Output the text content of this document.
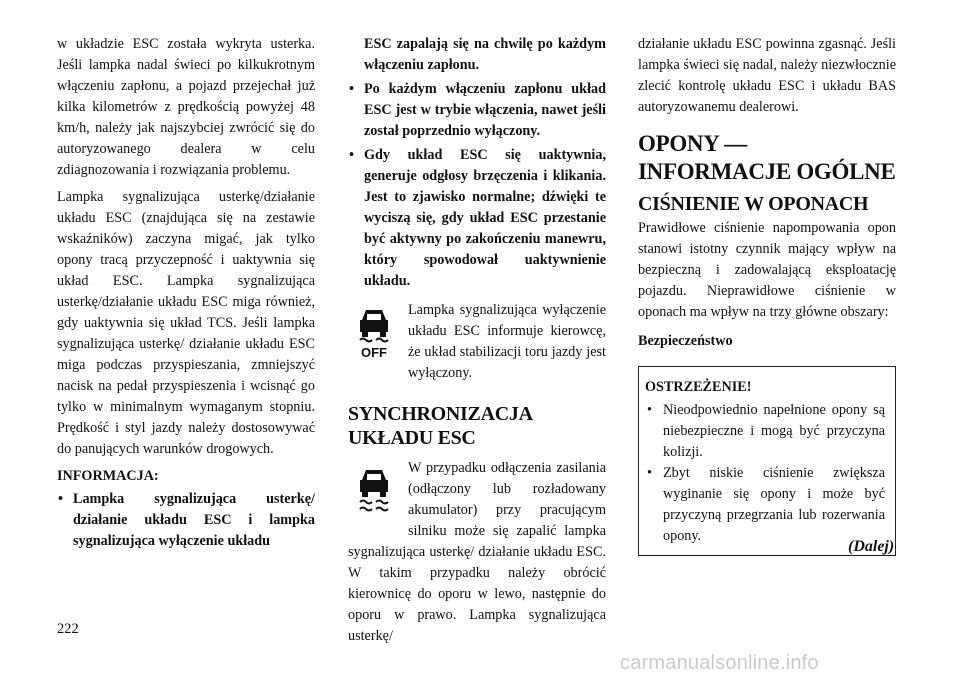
w układzie ESC została wykryta usterka. Jeśli lampka nadal świeci po kilkukrotnym włączeniu zapłonu, a pojazd przejechał już kilka kilometrów z prędkością powyżej 48 km/h, należy jak najszybciej zwrócić się do autoryzowanego dealera w celu zdiagnozowania i rozwiązania problemu.

Lampka sygnalizująca usterkę/działanie układu ESC (znajdująca się na zestawie wskaźników) zaczyna migać, jak tylko opony tracą przyczepność i uaktywnia się układ ESC. Lampka sygnalizująca usterkę/działanie układu ESC miga również, gdy uaktywnia się układ TCS. Jeśli lampka sygnalizująca usterkę/ działanie układu ESC miga podczas przyspieszania, zmniejszyć nacisk na pedał przyspieszenia i wcisnąć go tylko w minimalnym wymaganym stopniu. Prędkość i styl jazdy należy dostosowywać do panujących warunków drogowych.

INFORMACJA:
• Lampka sygnalizująca usterkę/ działanie układu ESC i lampka sygnalizująca wyłączenie układu
ESC zapalają się na chwilę po każdym włączeniu zapłonu.
• Po każdym włączeniu zapłonu układ ESC jest w trybie włączenia, nawet jeśli został poprzednio wyłączony.
• Gdy układ ESC się uaktywnia, generuje odgłosy brzęczenia i klikania. Jest to zjawisko normalne; dźwięki te wyciszą się, gdy układ ESC przestanie być aktywny po zakończeniu manewru, który spowodował uaktywnienie układu.
OFF

Lampka sygnalizująca wyłączenie układu ESC informuje kierowcę, że układ stabilizacji toru jazdy jest wyłączony.

SYNCHRONIZACJA UKŁADU ESC

W przypadku odłączenia zasilania (odłączony lub rozładowany akumulator) przy pracującym silniku może się zapalić lampka sygnalizująca usterkę/ działanie układu ESC. W takim przypadku należy obrócić kierownicę do oporu w lewo, następnie do oporu w prawo. Lampka sygnalizująca usterkę/

działanie układu ESC powinna zgasnąć. Jeśli lampka świeci się nadal, należy niezwłocznie zlecić kontrolę układu ESC i układu BAS autoryzowanemu dealerowi.

OPONY — INFORMACJE OGÓLNE
CIŚNIENIE W OPONACH

Prawidłowe ciśnienie napompowania opon stanowi istotny czynnik mający wpływ na bezpieczną i zadowalającą eksploatację pojazdu. Nieprawidłowe ciśnienie w oponach ma wpływ na trzy główne obszary:

Bezpieczeństwo
OSTRZEŻENIE!
• Nieodpowiednio napełnione opony są niebezpieczne i mogą być przyczyna kolizji.
• Zbyt niskie ciśnienie zwiększa wyginanie się opony i może być przyczyną przegrzania lub rozerwania opony.
(Dalej)
222
carmanualsonline.info
